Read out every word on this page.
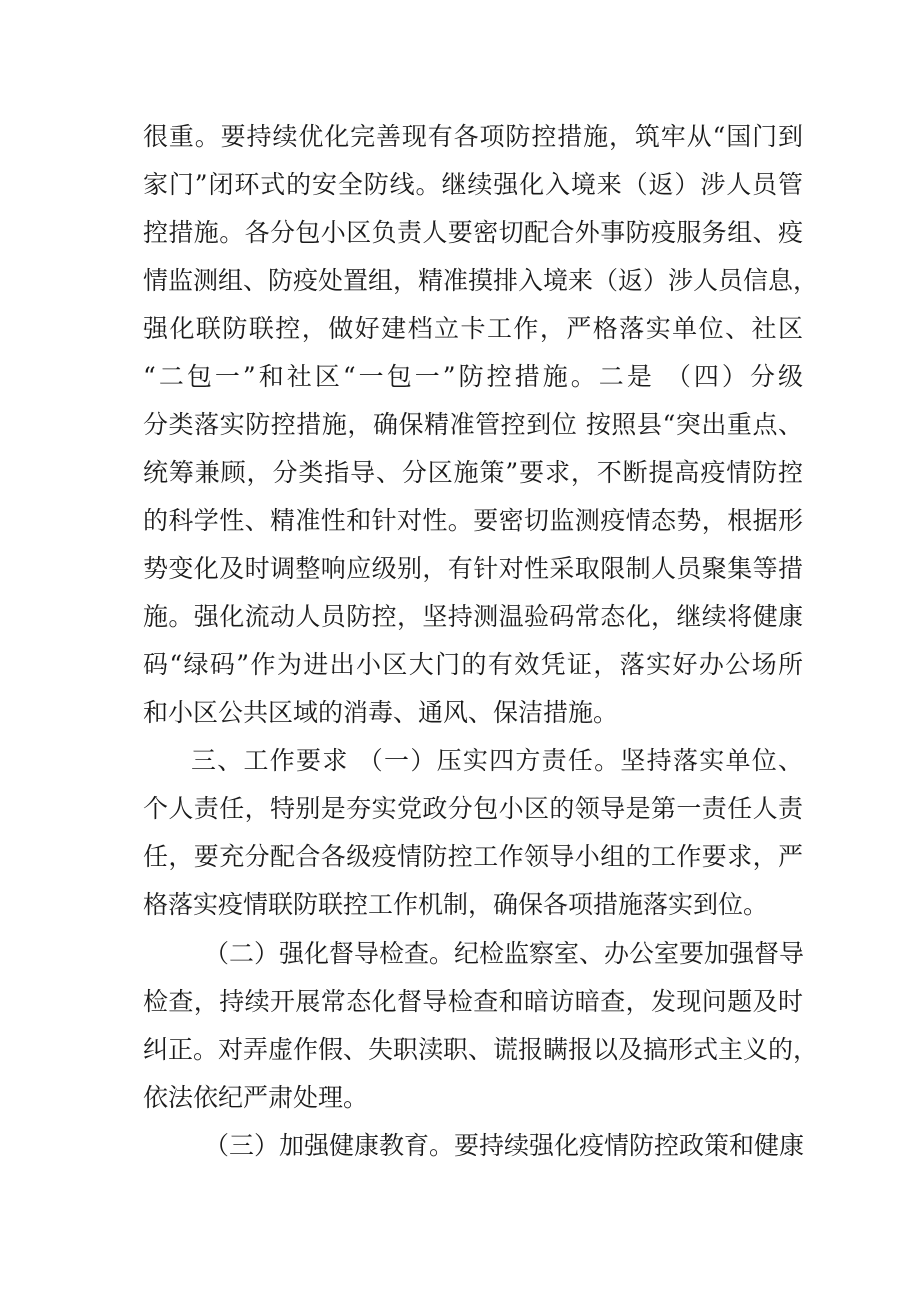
很重。要持续优化完善现有各项防控措施，筑牢从“国门到
家门”闭环式的安全防线。继续强化入境来（返）涉人员管
控措施。各分包小区负责人要密切配合外事防疫服务组、疫
情监测组、防疫处置组，精准摸排入境来（返）涉人员信息，
强化联防联控，做好建档立卡工作，严格落实单位、社区
“二包一”和社区“一包一”防控措施。二是 （四）分级
分类落实防控措施，确保精准管控到位 按照县“突出重点、
统筹兼顾，分类指导、分区施策”要求，不断提高疫情防控
的科学性、精准性和针对性。要密切监测疫情态势，根据形
势变化及时调整响应级别，有针对性采取限制人员聚集等措
施。强化流动人员防控，坚持测温验码常态化，继续将健康
码“绿码”作为进出小区大门的有效凭证，落实好办公场所
和小区公共区域的消毒、通风、保洁措施。
三、工作要求 （一）压实四方责任。坚持落实单位、
个人责任，特别是夯实党政分包小区的领导是第一责任人责
任，要充分配合各级疫情防控工作领导小组的工作要求，严
格落实疫情联防联控工作机制，确保各项措施落实到位。
（二）强化督导检查。纪检监察室、办公室要加强督导
检查，持续开展常态化督导检查和暗访暗查，发现问题及时
纠正。对弄虚作假、失职渎职、谎报瞒报以及搞形式主义的，
依法依纪严肃处理。
（三）加强健康教育。要持续强化疫情防控政策和健康
